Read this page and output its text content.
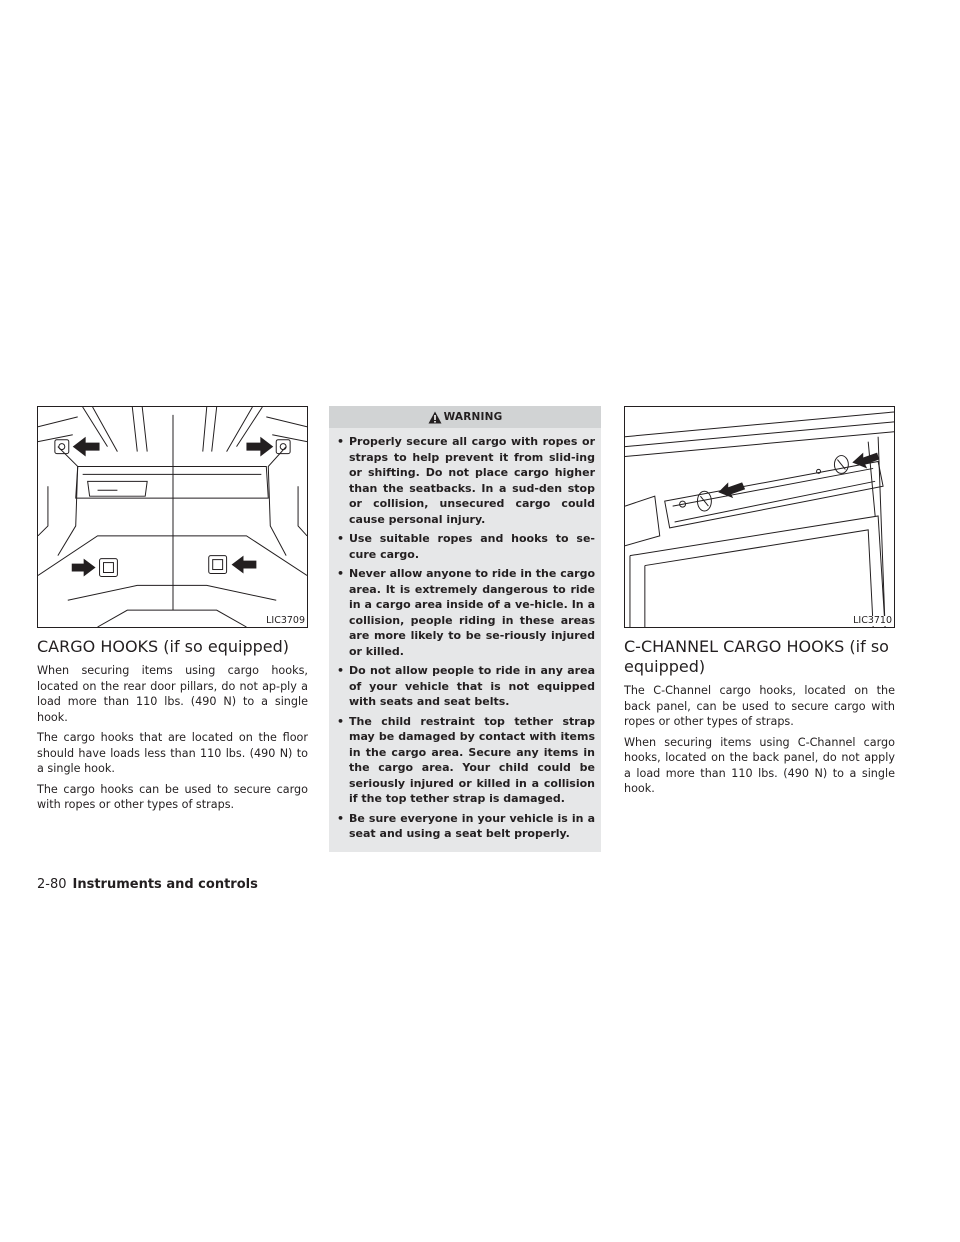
LIC3709
CARGO HOOKS (if so equipped)

When securing items using cargo hooks, located on the rear door pillars, do not ap-ply a load more than 110 lbs. (490 N) to a single hook.

The cargo hooks that are located on the floor should have loads less than 110 lbs. (490 N) to a single hook.

The cargo hooks can be used to secure cargo with ropes or other types of straps.

WARNING
• Properly secure all cargo with ropes or straps to help prevent it from slid-ing or shifting. Do not place cargo higher than the seatbacks. In a sud-den stop or collision, unsecured cargo could cause personal injury.
• Use suitable ropes and hooks to se-cure cargo.
• Never allow anyone to ride in the cargo area. It is extremely dangerous to ride in a cargo area inside of a ve-hicle. In a collision, people riding in these areas are more likely to be se-riously injured or killed.
• Do not allow people to ride in any area of your vehicle that is not equipped with seats and seat belts.
• The child restraint top tether strap may be damaged by contact with items in the cargo area. Secure any items in the cargo area. Your child could be seriously injured or killed in a collision if the top tether strap is damaged.
• Be sure everyone in your vehicle is in a seat and using a seat belt properly.
LIC3710
C-CHANNEL CARGO HOOKS (if so equipped)

The C-Channel cargo hooks, located on the back panel, can be used to secure cargo with ropes or other types of straps.

When securing items using C-Channel cargo hooks, located on the back panel, do not apply a load more than 110 lbs. (490 N) to a single hook.

2-80 Instruments and controls
